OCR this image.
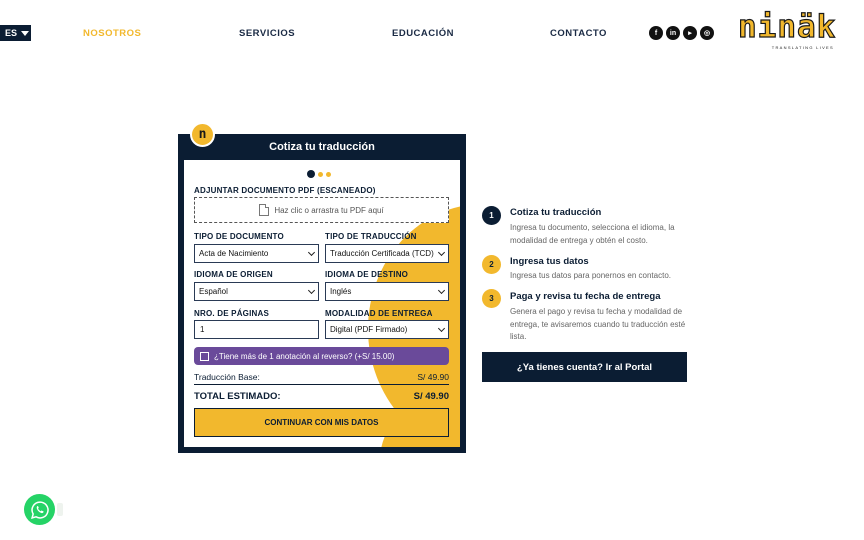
ES	NOSOTROS	SERVICIOS	EDUCACIÓN	CONTACTO	f	in	▸	◎ ninäk
TRANSLATING LIVES
n
Cotiza tu traducción
ADJUNTAR DOCUMENTO PDF (ESCANEADO)
Haz clic o arrastra tu PDF aquí
TIPO DE DOCUMENTO
Acta de Nacimiento
TIPO DE TRADUCCIÓN
Traducción Certificada (TCD)
IDIOMA DE ORIGEN
Español
IDIOMA DE DESTINO
Inglés
NRO. DE PÁGINAS
1
MODALIDAD DE ENTREGA
Digital (PDF Firmado)
¿Tiene más de 1 anotación al reverso? (+S/ 15.00)
Traducción Base:	S/ 49.90
TOTAL ESTIMADO:	S/ 49.90
CONTINUAR CON MIS DATOS
1	Cotiza tu traducción
Ingresa tu documento, selecciona el idioma, la modalidad de entrega y obtén el costo.
2	Ingresa tus datos
Ingresa tus datos para ponernos en contacto.
3	Paga y revisa tu fecha de entrega
Genera el pago y revisa tu fecha y modalidad de entrega, te avisaremos cuando tu traducción esté lista.
¿Ya tienes cuenta? Ir al Portal
